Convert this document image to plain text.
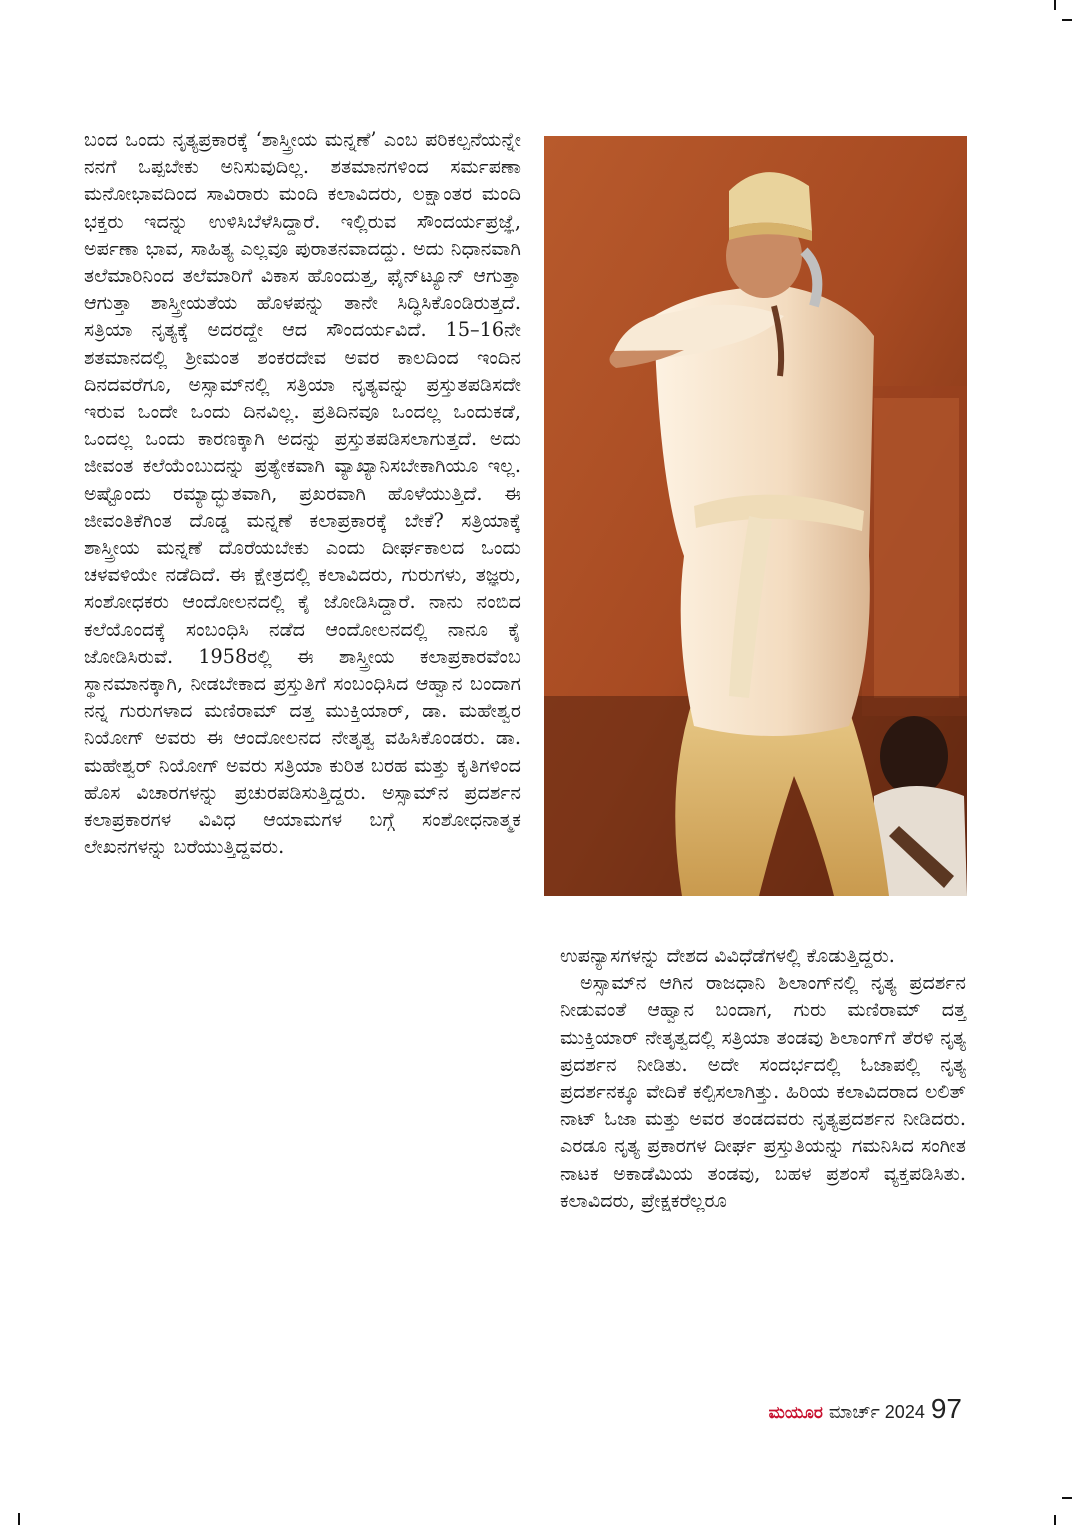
ಬಂದ ಒಂದು ನೃತ್ಯಪ್ರಕಾರಕ್ಕೆ ‘ಶಾಸ್ತ್ರೀಯ ಮನ್ನಣೆ’ ಎಂಬ ಪರಿಕಲ್ಪನೆಯನ್ನೇ ನನಗೆ ಒಪ್ಪಬೇಕು ಅನಿಸುವುದಿಲ್ಲ. ಶತಮಾನಗಳಿಂದ ಸರ್ಮಪಣಾ ಮನೋಭಾವದಿಂದ ಸಾವಿರಾರು ಮಂದಿ ಕಲಾವಿದರು, ಲಕ್ಷಾಂತರ ಮಂದಿ ಭಕ್ತರು ಇದನ್ನು ಉಳಿಸಿಬೆಳೆಸಿದ್ದಾರೆ. ಇಲ್ಲಿರುವ ಸೌಂದರ್ಯಪ್ರಜ್ಞೆ, ಅರ್ಪಣಾ ಭಾವ, ಸಾಹಿತ್ಯ ಎಲ್ಲವೂ ಪುರಾತನವಾದದ್ದು. ಅದು ನಿಧಾನವಾಗಿ ತಲೆಮಾರಿನಿಂದ ತಲೆಮಾರಿಗೆ ವಿಕಾಸ ಹೊಂದುತ್ತ, ಫೈನ್‌ಟ್ಯೂನ್ ಆಗುತ್ತಾ ಆಗುತ್ತಾ ಶಾಸ್ತ್ರೀಯತೆಯ ಹೊಳಪನ್ನು ತಾನೇ ಸಿದ್ಧಿಸಿಕೊಂಡಿರುತ್ತದೆ. ಸತ್ರಿಯಾ ನೃತ್ಯಕ್ಕೆ ಅದರದ್ದೇ ಆದ ಸೌಂದರ್ಯವಿದೆ. 15–16ನೇ ಶತಮಾನದಲ್ಲಿ ಶ್ರೀಮಂತ ಶಂಕರದೇವ ಅವರ ಕಾಲದಿಂದ ಇಂದಿನ ದಿನದವರೆಗೂ, ಅಸ್ಸಾಮ್‌ನಲ್ಲಿ ಸತ್ರಿಯಾ ನೃತ್ಯವನ್ನು ಪ್ರಸ್ತುತಪಡಿಸದೇ ಇರುವ ಒಂದೇ ಒಂದು ದಿನವಿಲ್ಲ. ಪ್ರತಿದಿನವೂ ಒಂದಲ್ಲ ಒಂದುಕಡೆ, ಒಂದಲ್ಲ ಒಂದು ಕಾರಣಕ್ಕಾಗಿ ಅದನ್ನು ಪ್ರಸ್ತುತಪಡಿಸಲಾಗುತ್ತದೆ. ಅದು ಜೀವಂತ ಕಲೆಯೆಂಬುದನ್ನು ಪ್ರತ್ಯೇಕವಾಗಿ ವ್ಯಾಖ್ಯಾನಿಸಬೇಕಾಗಿಯೂ ಇಲ್ಲ. ಅಷ್ಟೊಂದು ರಮ್ಯಾದ್ಭುತವಾಗಿ, ಪ್ರಖರವಾಗಿ ಹೊಳೆಯುತ್ತಿದೆ. ಈ ಜೀವಂತಿಕೆಗಿಂತ ದೊಡ್ಡ ಮನ್ನಣೆ ಕಲಾಪ್ರಕಾರಕ್ಕೆ ಬೇಕೆ? ಸತ್ರಿಯಾಕ್ಕೆ ಶಾಸ್ತ್ರೀಯ ಮನ್ನಣೆ ದೊರೆಯಬೇಕು ಎಂದು ದೀರ್ಘಕಾಲದ ಒಂದು ಚಳವಳಿಯೇ ನಡೆದಿದೆ. ಈ ಕ್ಷೇತ್ರದಲ್ಲಿ ಕಲಾವಿದರು, ಗುರುಗಳು, ತಜ್ಞರು, ಸಂಶೋಧಕರು ಆಂದೋಲನದಲ್ಲಿ ಕೈ ಜೋಡಿಸಿದ್ದಾರೆ. ನಾನು ನಂಬಿದ ಕಲೆಯೊಂದಕ್ಕೆ ಸಂಬಂಧಿಸಿ ನಡೆದ ಆಂದೋಲನದಲ್ಲಿ ನಾನೂ ಕೈ ಜೋಡಿಸಿರುವೆ. 1958ರಲ್ಲಿ ಈ ಶಾಸ್ತ್ರೀಯ ಕಲಾಪ್ರಕಾರವೆಂಬ ಸ್ಥಾನಮಾನಕ್ಕಾಗಿ, ನೀಡಬೇಕಾದ ಪ್ರಸ್ತುತಿಗೆ ಸಂಬಂಧಿಸಿದ ಆಹ್ವಾನ ಬಂದಾಗ ನನ್ನ ಗುರುಗಳಾದ ಮಣಿರಾಮ್ ದತ್ತ ಮುಕ್ತಿಯಾರ್, ಡಾ. ಮಹೇಶ್ವರ ನಿಯೋಗ್ ಅವರು ಈ ಆಂದೋಲನದ ನೇತೃತ್ವ ವಹಿಸಿಕೊಂಡರು. ಡಾ. ಮಹೇಶ್ವರ್ ನಿಯೋಗ್ ಅವರು ಸತ್ರಿಯಾ ಕುರಿತ ಬರಹ ಮತ್ತು ಕೃತಿಗಳಿಂದ ಹೊಸ ವಿಚಾರಗಳನ್ನು ಪ್ರಚುರಪಡಿಸುತ್ತಿದ್ದರು. ಅಸ್ಸಾಮ್‌ನ ಪ್ರದರ್ಶನ ಕಲಾಪ್ರಕಾರಗಳ ವಿವಿಧ ಆಯಾಮಗಳ ಬಗ್ಗೆ ಸಂಶೋಧನಾತ್ಮಕ ಲೇಖನಗಳನ್ನು ಬರೆಯುತ್ತಿದ್ದವರು.

ಉಪನ್ಯಾಸಗಳನ್ನು ದೇಶದ ವಿವಿಧೆಡೆಗಳಲ್ಲಿ ಕೊಡುತ್ತಿದ್ದರು.

ಅಸ್ಸಾಮ್‌ನ ಆಗಿನ ರಾಜಧಾನಿ ಶಿಲಾಂಗ್‌ನಲ್ಲಿ ನೃತ್ಯ ಪ್ರದರ್ಶನ ನೀಡುವಂತೆ ಆಹ್ವಾನ ಬಂದಾಗ, ಗುರು ಮಣಿರಾಮ್ ದತ್ತ ಮುಕ್ತಿಯಾರ್ ನೇತೃತ್ವದಲ್ಲಿ ಸತ್ರಿಯಾ ತಂಡವು ಶಿಲಾಂಗ್‌ಗೆ ತೆರಳಿ ನೃತ್ಯ ಪ್ರದರ್ಶನ ನೀಡಿತು. ಅದೇ ಸಂದರ್ಭದಲ್ಲಿ ಓಜಾಪಲ್ಲಿ ನೃತ್ಯ ಪ್ರದರ್ಶನಕ್ಕೂ ವೇದಿಕೆ ಕಲ್ಪಿಸಲಾಗಿತ್ತು. ಹಿರಿಯ ಕಲಾವಿದರಾದ ಲಲಿತ್ ನಾಟ್ ಓಜಾ ಮತ್ತು ಅವರ ತಂಡದವರು ನೃತ್ಯಪ್ರದರ್ಶನ ನೀಡಿದರು. ಎರಡೂ ನೃತ್ಯ ಪ್ರಕಾರಗಳ ದೀರ್ಘ ಪ್ರಸ್ತುತಿಯನ್ನು ಗಮನಿಸಿದ ಸಂಗೀತ ನಾಟಕ ಅಕಾಡೆಮಿಯ ತಂಡವು, ಬಹಳ ಪ್ರಶಂಸೆ ವ್ಯಕ್ತಪಡಿಸಿತು. ಕಲಾವಿದರು, ಪ್ರೇಕ್ಷಕರೆಲ್ಲರೂ

ಮಯೂರ ಮಾರ್ಚ್ 2024 97
